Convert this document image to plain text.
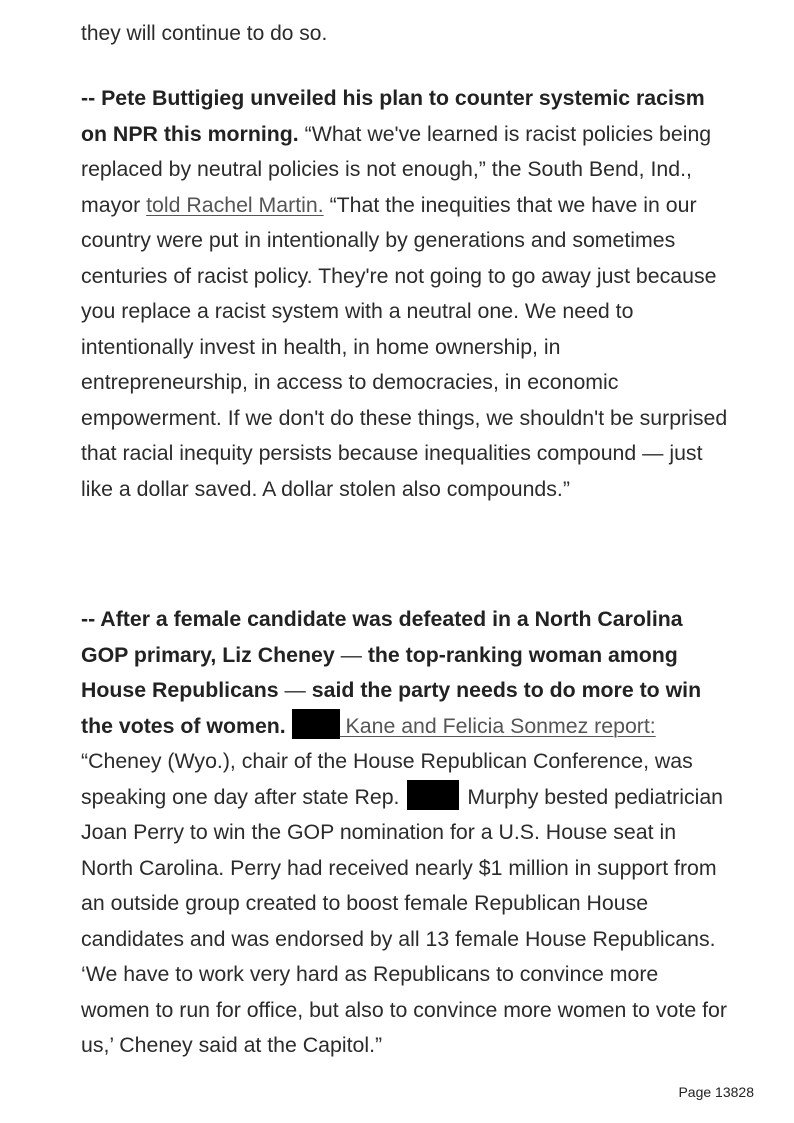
they will continue to do so.

-- Pete Buttigieg unveiled his plan to counter systemic racism on NPR this morning. “What we've learned is racist policies being replaced by neutral policies is not enough,” the South Bend, Ind., mayor told Rachel Martin. “That the inequities that we have in our country were put in intentionally by generations and sometimes centuries of racist policy. They're not going to go away just because you replace a racist system with a neutral one. We need to intentionally invest in health, in home ownership, in entrepreneurship, in access to democracies, in economic empowerment. If we don't do these things, we shouldn't be surprised that racial inequity persists because inequalities compound — just like a dollar saved. A dollar stolen also compounds.”

-- After a female candidate was defeated in a North Carolina GOP primary, Liz Cheney — the top-ranking woman among House Republicans — said the party needs to do more to win the votes of women.	Kane and Felicia Sonmez report: “Cheney (Wyo.), chair of the House Republican Conference, was speaking one day after state Rep.	Murphy bested pediatrician Joan Perry to win the GOP nomination for a U.S. House seat in North Carolina. Perry had received nearly $1 million in support from an outside group created to boost female Republican House candidates and was endorsed by all 13 female House Republicans. ‘We have to work very hard as Republicans to convince more women to run for office, but also to convince more women to vote for us,’ Cheney said at the Capitol.”

Page 13828
